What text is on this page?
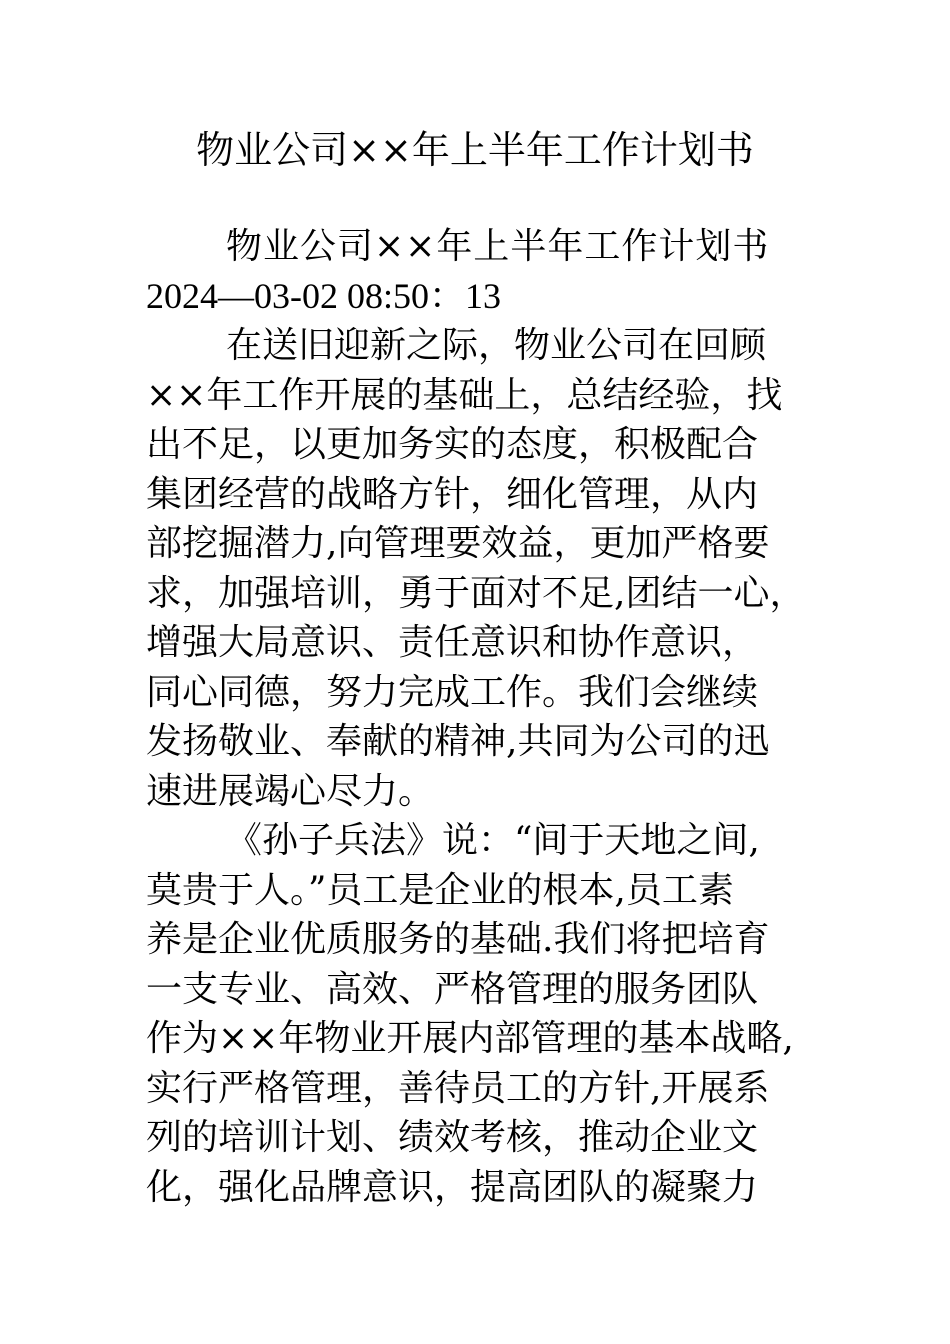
物业公司××年上半年工作计划书
物业公司××年上半年工作计划书
2024—03-02 08:50：13
在送旧迎新之际，物业公司在回顾
××年工作开展的基础上，总结经验，找
出不足，以更加务实的态度，积极配合
集团经营的战略方针，细化管理，从内
部挖掘潜力,向管理要效益，更加严格要
求，加强培训，勇于面对不足,团结一心，
增强大局意识、责任意识和协作意识，
同心同德，努力完成工作。我们会继续
发扬敬业、奉献的精神,共同为公司的迅
速进展竭心尽力。
《孙子兵法》说：“间于天地之间,
莫贵于人。”员工是企业的根本,员工素
养是企业优质服务的基础.我们将把培育
一支专业、高效、严格管理的服务团队
作为××年物业开展内部管理的基本战略,
实行严格管理，善待员工的方针,开展系
列的培训计划、绩效考核，推动企业文
化，强化品牌意识，提高团队的凝聚力
